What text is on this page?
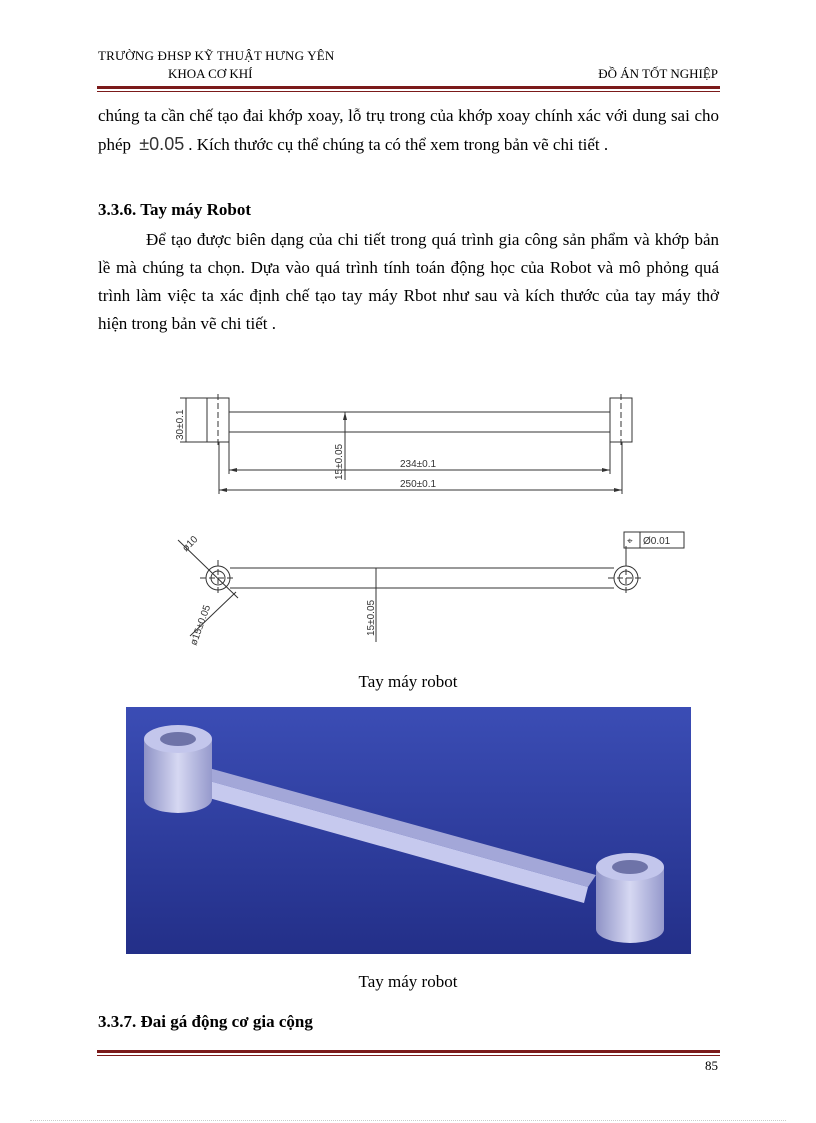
TRƯỜNG ĐHSP KỸ THUẬT HƯNG YÊN
KHOA CƠ KHÍ	ĐỒ ÁN TỐT NGHIỆP
chúng ta cần chế tạo đai khớp xoay, lỗ trụ trong của khớp xoay chính xác với dung sai cho phép ±0.05 . Kích thước cụ thể chúng ta có thể xem trong bản vẽ chi tiết .
3.3.6. Tay máy Robot
Để tạo được biên dạng của chi tiết trong quá trình gia công sản phẩm và khớp bản lề mà chúng ta chọn. Dựa vào quá trình tính toán động học của Robot và mô phỏng quá trình làm việc ta xác định chế tạo tay máy Rbot như sau và kích thước của tay máy thở hiện trong bản vẽ chi tiết .
30±0.1
15±0.05	234±0.1
250±0.1
ø10
ø15±0.05	15±0.05
⌖ Ø0.01
Tay máy robot
Tay máy robot
3.3.7. Đai gá động cơ gia cộng
85
